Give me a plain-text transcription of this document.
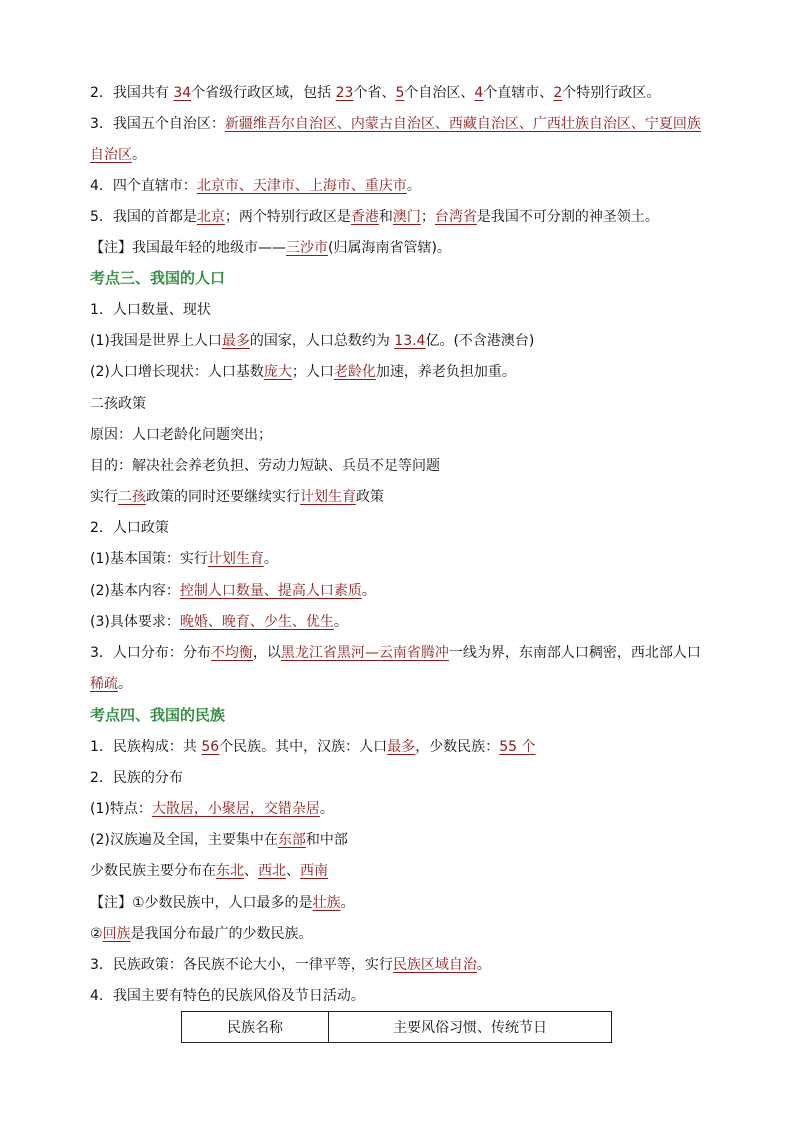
2．我国共有 34个省级行政区域，包括 23个省、5个自治区、4个直辖市、2个特别行政区。
3．我国五个自治区：新疆维吾尔自治区、内蒙古自治区、西藏自治区、广西壮族自治区、宁夏回族
自治区。
4．四个直辖市：北京市、天津市、上海市、重庆市。
5．我国的首都是北京；两个特别行政区是香港和澳门；台湾省是我国不可分割的神圣领土。
【注】我国最年轻的地级市——三沙市(归属海南省管辖)。
考点三、我国的人口
1．人口数量、现状
(1)我国是世界上人口最多的国家，人口总数约为 13.4亿。(不含港澳台)
(2)人口增长现状：人口基数庞大；人口老龄化加速，养老负担加重。
二孩政策
原因：人口老龄化问题突出；
目的：解决社会养老负担、劳动力短缺、兵员不足等问题
实行二孩政策的同时还要继续实行计划生育政策
2．人口政策
(1)基本国策：实行计划生育。
(2)基本内容：控制人口数量、提高人口素质。
(3)具体要求：晚婚、晚育、少生、优生。
3．人口分布：分布不均衡，以黑龙江省黑河—云南省腾冲一线为界，东南部人口稠密，西北部人口
稀疏。
考点四、我国的民族
1．民族构成：共 56个民族。其中，汉族：人口最多，少数民族：55 个
2．民族的分布
(1)特点：大散居，小聚居，交错杂居。
(2)汉族遍及全国，主要集中在东部和中部
少数民族主要分布在东北、西北、西南
【注】①少数民族中，人口最多的是壮族。
②回族是我国分布最广的少数民族。
3．民族政策：各民族不论大小，一律平等，实行民族区域自治。
4．我国主要有特色的民族风俗及节日活动。
民族名称	主要风俗习惯、传统节日
